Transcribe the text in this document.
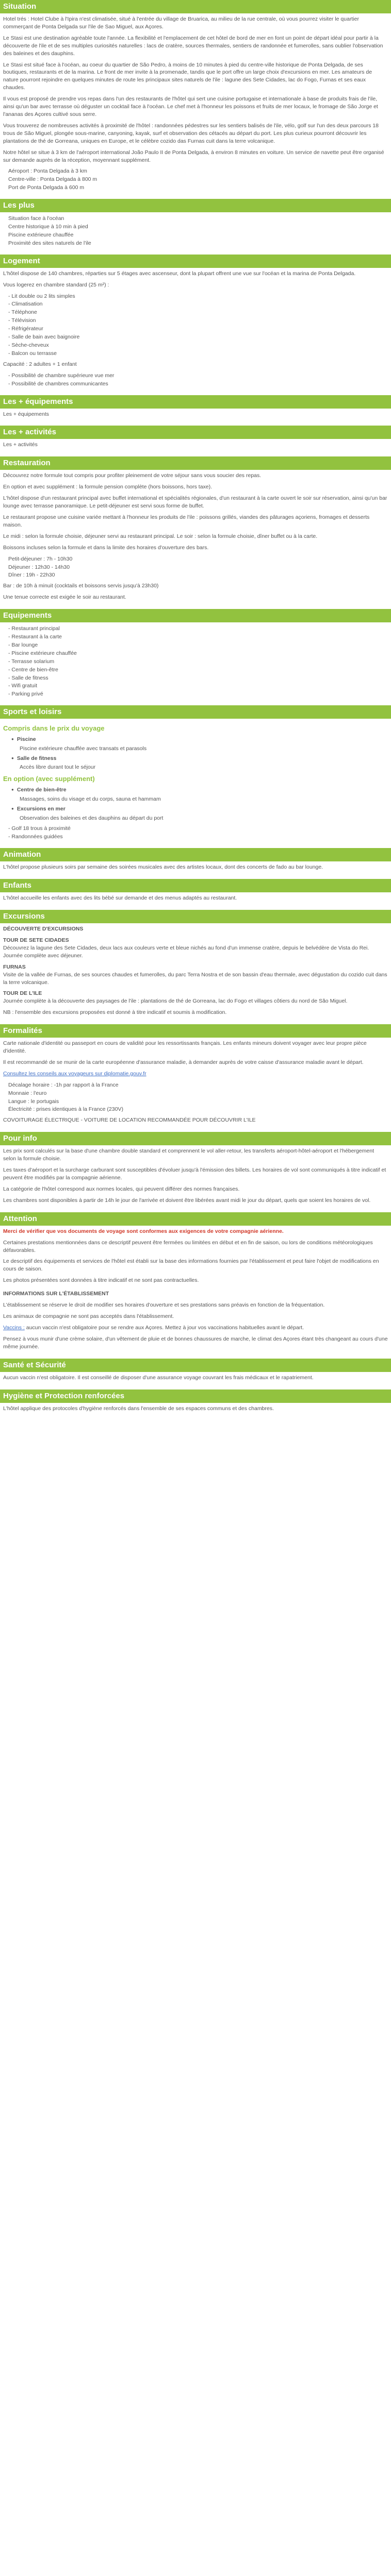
Situation

Hotel trés : Hotel Clube à l'Ipira n'est climatisée, situé à l'entrée du village de Bruarica, au milieu de la rue centrale, où vous pourrez visiter le quartier commerçant de Ponta Delgada sur l'ile de Sao Miguel, aux Açores.

Le Stasi est une destination agréable toute l'année. La flexibilité et l'emplacement de cet hôtel de bord de mer en font un point de départ idéal pour partir à la découverte de l'ile et de ses multiples curiosités naturelles : lacs de cratère, sources thermales, sentiers de randonnée et fumerolles, sans oublier l'observation des baleines et des dauphins.

Le Stasi est situé face à l'océan, au coeur du quartier de São Pedro, à moins de 10 minutes à pied du centre-ville historique de Ponta Delgada, de ses boutiques, restaurants et de la marina. Le front de mer invite à la promenade, tandis que le port offre un large choix d'excursions en mer. Les amateurs de nature pourront rejoindre en quelques minutes de route les principaux sites naturels de l'ile : lagune des Sete Cidades, lac do Fogo, Furnas et ses eaux chaudes.

Il vous est proposé de prendre vos repas dans l'un des restaurants de l'hôtel qui sert une cuisine portugaise et internationale à base de produits frais de l'ile, ainsi qu'un bar avec terrasse où déguster un cocktail face à l'océan. Le chef met à l'honneur les poissons et fruits de mer locaux, le fromage de São Jorge et l'ananas des Açores cultivé sous serre.

Vous trouverez de nombreuses activités à proximité de l'hôtel : randonnées pédestres sur les sentiers balisés de l'ile, vélo, golf sur l'un des deux parcours 18 trous de São Miguel, plongée sous-marine, canyoning, kayak, surf et observation des cétacés au départ du port. Les plus curieux pourront découvrir les plantations de thé de Gorreana, uniques en Europe, et le célèbre cozido das Furnas cuit dans la terre volcanique.

Notre hôtel se situe à 3 km de l'aéroport international João Paulo II de Ponta Delgada, à environ 8 minutes en voiture. Un service de navette peut être organisé sur demande auprès de la réception, moyennant supplément.

Aéroport : Ponta Delgada à 3 km
Centre-ville : Ponta Delgada à 800 m
Port de Ponta Delgada à 600 m
Les plus
Situation face à l'océan
Centre historique à 10 min à pied
Piscine extérieure chauffée
Proximité des sites naturels de l'ile
Logement

L'hôtel dispose de 140 chambres, réparties sur 5 étages avec ascenseur, dont la plupart offrent une vue sur l'océan et la marina de Ponta Delgada.

Vous logerez en chambre standard (25 m²) :

- Lit double ou 2 lits simples
- Climatisation
- Téléphone
- Télévision
- Réfrigérateur
- Salle de bain avec baignoire
- Sèche-cheveux
- Balcon ou terrasse

Capacité : 2 adultes + 1 enfant

- Possibilité de chambre supérieure vue mer
- Possibilité de chambres communicantes
Les + équipements

Les + équipements

Les + activités

Les + activités

Restauration

Découvrez notre formule tout compris pour profiter pleinement de votre séjour sans vous soucier des repas.

En option et avec supplément : la formule pension complète (hors boissons, hors taxe).

L'hôtel dispose d'un restaurant principal avec buffet international et spécialités régionales, d'un restaurant à la carte ouvert le soir sur réservation, ainsi qu'un bar lounge avec terrasse panoramique. Le petit-déjeuner est servi sous forme de buffet.

Le restaurant propose une cuisine variée mettant à l'honneur les produits de l'ile : poissons grillés, viandes des pâturages açoriens, fromages et desserts maison.

Le midi : selon la formule choisie, déjeuner servi au restaurant principal. Le soir : selon la formule choisie, dîner buffet ou à la carte.

Boissons incluses selon la formule et dans la limite des horaires d'ouverture des bars.

Petit-déjeuner : 7h - 10h30
Déjeuner : 12h30 - 14h30
Dîner : 19h - 22h30

Bar : de 10h à minuit (cocktails et boissons servis jusqu'à 23h30)

Une tenue correcte est exigée le soir au restaurant.

Equipements
- Restaurant principal
- Restaurant à la carte
- Bar lounge
- Piscine extérieure chauffée
- Terrasse solarium
- Centre de bien-être
- Salle de fitness
- Wifi gratuit
- Parking privé
Sports et loisirs
Compris dans le prix du voyage
● Piscine
Piscine extérieure chauffée avec transats et parasols
● Salle de fitness
Accès libre durant tout le séjour
En option (avec supplément)
● Centre de bien-être
Massages, soins du visage et du corps, sauna et hammam
● Excursions en mer
Observation des baleines et des dauphins au départ du port
- Golf 18 trous à proximité
- Randonnées guidées
Animation

L'hôtel propose plusieurs soirs par semaine des soirées musicales avec des artistes locaux, dont des concerts de fado au bar lounge.

Enfants

L'hôtel accueille les enfants avec des lits bébé sur demande et des menus adaptés au restaurant.

Excursions

DÉCOUVERTE D'EXCURSIONS

TOUR DE SETE CIDADES

Découvrez la lagune des Sete Cidades, deux lacs aux couleurs verte et bleue nichés au fond d'un immense cratère, depuis le belvédère de Vista do Rei. Journée complète avec déjeuner.

FURNAS

Visite de la vallée de Furnas, de ses sources chaudes et fumerolles, du parc Terra Nostra et de son bassin d'eau thermale, avec dégustation du cozido cuit dans la terre volcanique.

TOUR DE L'ILE

Journée complète à la découverte des paysages de l'ile : plantations de thé de Gorreana, lac do Fogo et villages côtiers du nord de São Miguel.

NB : l'ensemble des excursions proposées est donné à titre indicatif et soumis à modification.

Formalités

Carte nationale d'identité ou passeport en cours de validité pour les ressortissants français. Les enfants mineurs doivent voyager avec leur propre pièce d'identité.

Il est recommandé de se munir de la carte européenne d'assurance maladie, à demander auprès de votre caisse d'assurance maladie avant le départ.

Consultez les conseils aux voyageurs sur diplomatie.gouv.fr

Décalage horaire : -1h par rapport à la France
Monnaie : l'euro
Langue : le portugais
Électricité : prises identiques à la France (230V)

COVOITURAGE ÉLECTRIQUE - VOITURE DE LOCATION RECOMMANDÉE POUR DÉCOUVRIR L'ILE

Pour info

Les prix sont calculés sur la base d'une chambre double standard et comprennent le vol aller-retour, les transferts aéroport-hôtel-aéroport et l'hébergement selon la formule choisie.

Les taxes d'aéroport et la surcharge carburant sont susceptibles d'évoluer jusqu'à l'émission des billets. Les horaires de vol sont communiqués à titre indicatif et peuvent être modifiés par la compagnie aérienne.

La catégorie de l'hôtel correspond aux normes locales, qui peuvent différer des normes françaises.

Les chambres sont disponibles à partir de 14h le jour de l'arrivée et doivent être libérées avant midi le jour du départ, quels que soient les horaires de vol.

Attention

Merci de vérifier que vos documents de voyage sont conformes aux exigences de votre compagnie aérienne.

Certaines prestations mentionnées dans ce descriptif peuvent être fermées ou limitées en début et en fin de saison, ou lors de conditions météorologiques défavorables.

Le descriptif des équipements et services de l'hôtel est établi sur la base des informations fournies par l'établissement et peut faire l'objet de modifications en cours de saison.

Les photos présentées sont données à titre indicatif et ne sont pas contractuelles.

INFORMATIONS SUR L'ÉTABLISSEMENT

L'établissement se réserve le droit de modifier ses horaires d'ouverture et ses prestations sans préavis en fonction de la fréquentation.

Les animaux de compagnie ne sont pas acceptés dans l'établissement.

Vaccins : aucun vaccin n'est obligatoire pour se rendre aux Açores. Mettez à jour vos vaccinations habituelles avant le départ.

Pensez à vous munir d'une crème solaire, d'un vêtement de pluie et de bonnes chaussures de marche, le climat des Açores étant très changeant au cours d'une même journée.

Santé et Sécurité

Aucun vaccin n'est obligatoire. Il est conseillé de disposer d'une assurance voyage couvrant les frais médicaux et le rapatriement.

Hygiène et Protection renforcées

L'hôtel applique des protocoles d'hygiène renforcés dans l'ensemble de ses espaces communs et des chambres.
